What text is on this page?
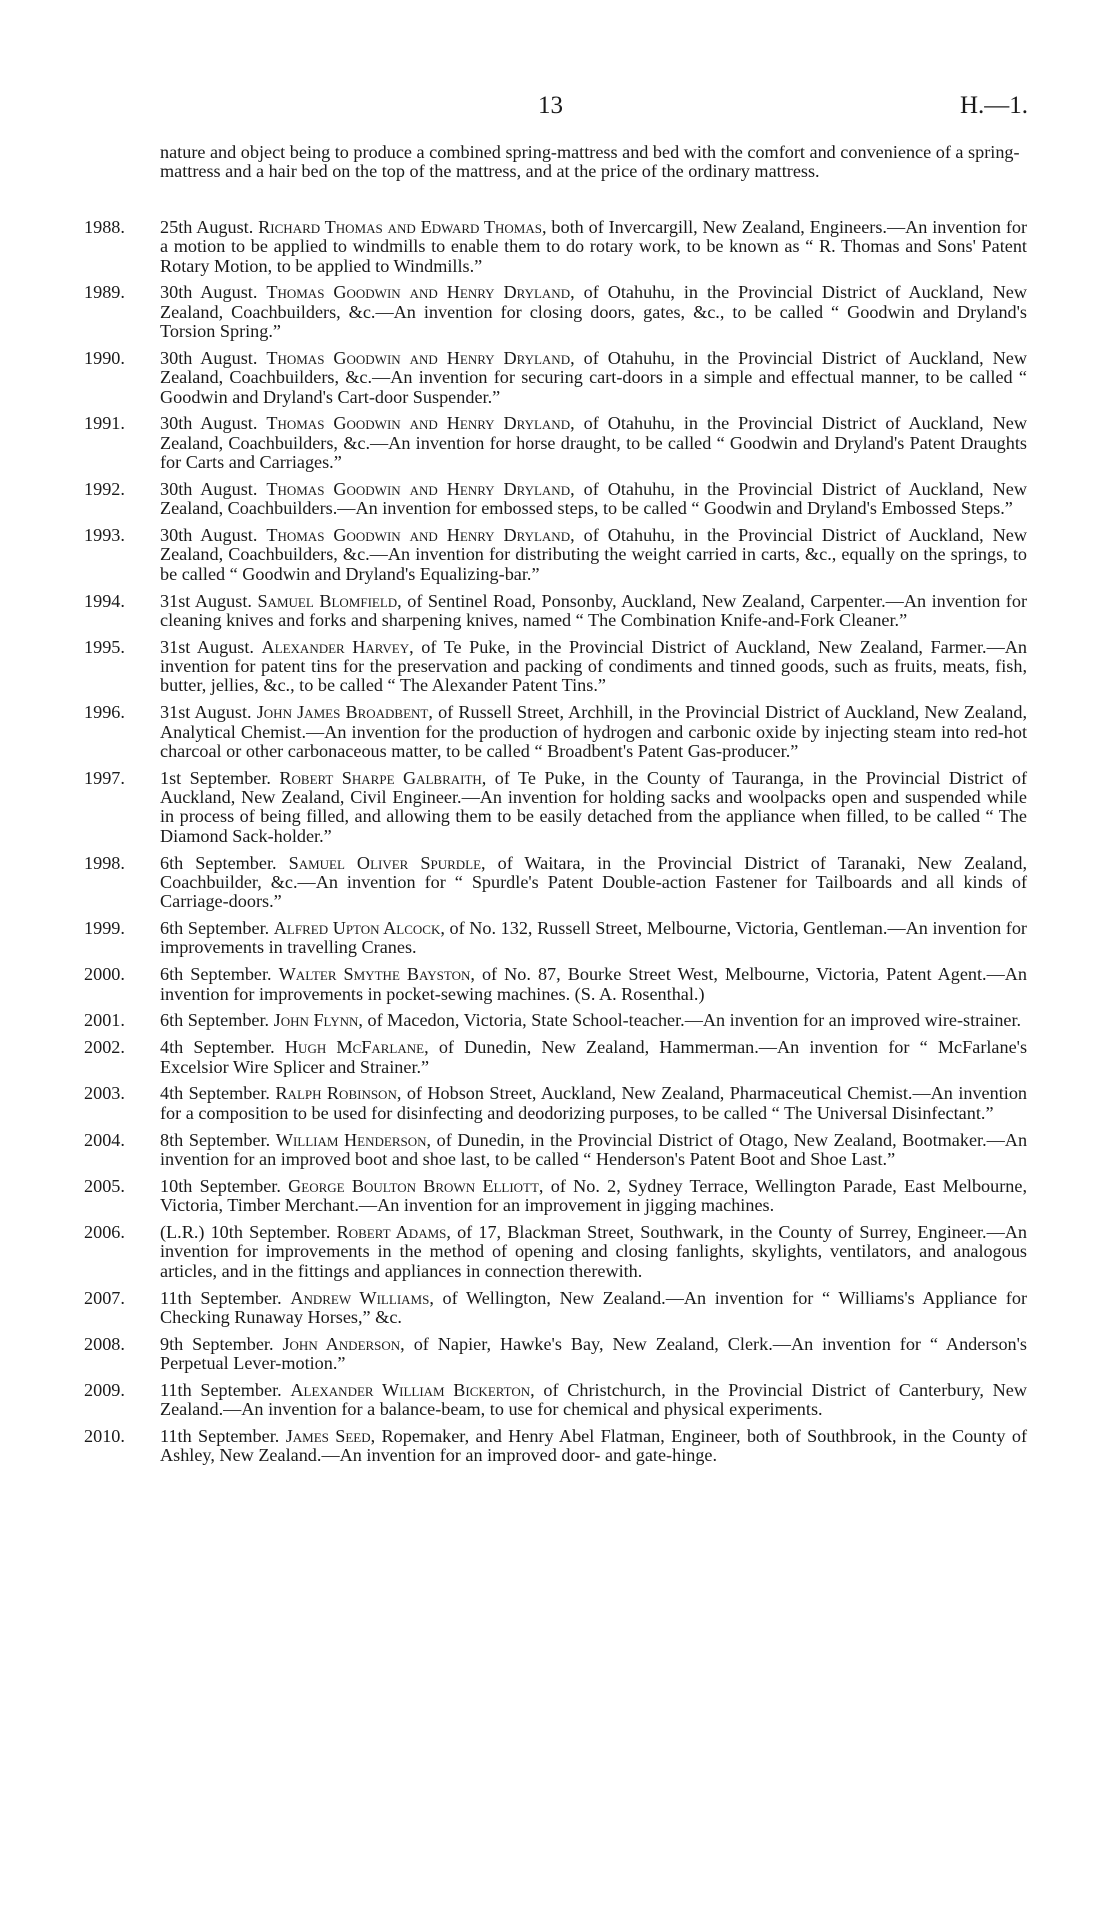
13	H.—1.
nature and object being to produce a combined spring-mattress and bed with the comfort and convenience of a spring-mattress and a hair bed on the top of the mattress, and at the price of the ordinary mattress.
1988.	25th August. Richard Thomas and Edward Thomas, both of Invercargill, New Zealand, Engineers.—An invention for a motion to be applied to windmills to enable them to do rotary work, to be known as “ R. Thomas and Sons' Patent Rotary Motion, to be applied to Windmills.”
1989.	30th August. Thomas Goodwin and Henry Dryland, of Otahuhu, in the Provincial District of Auckland, New Zealand, Coachbuilders, &c.—An invention for closing doors, gates, &c., to be called “ Goodwin and Dryland's Torsion Spring.”
1990.	30th August. Thomas Goodwin and Henry Dryland, of Otahuhu, in the Provincial District of Auckland, New Zealand, Coachbuilders, &c.—An invention for securing cart-doors in a simple and effectual manner, to be called “ Goodwin and Dryland's Cart-door Suspender.”
1991.	30th August. Thomas Goodwin and Henry Dryland, of Otahuhu, in the Provincial District of Auckland, New Zealand, Coachbuilders, &c.—An invention for horse draught, to be called “ Goodwin and Dryland's Patent Draughts for Carts and Carriages.”
1992.	30th August. Thomas Goodwin and Henry Dryland, of Otahuhu, in the Provincial District of Auckland, New Zealand, Coachbuilders.—An invention for embossed steps, to be called “ Goodwin and Dryland's Embossed Steps.”
1993.	30th August. Thomas Goodwin and Henry Dryland, of Otahuhu, in the Provincial District of Auckland, New Zealand, Coachbuilders, &c.—An invention for distributing the weight carried in carts, &c., equally on the springs, to be called “ Goodwin and Dryland's Equalizing-bar.”
1994.	31st August. Samuel Blomfield, of Sentinel Road, Ponsonby, Auckland, New Zealand, Carpenter.—An invention for cleaning knives and forks and sharpening knives, named “ The Combination Knife-and-Fork Cleaner.”
1995.	31st August. Alexander Harvey, of Te Puke, in the Provincial District of Auckland, New Zealand, Farmer.—An invention for patent tins for the preservation and packing of condiments and tinned goods, such as fruits, meats, fish, butter, jellies, &c., to be called “ The Alexander Patent Tins.”
1996.	31st August. John James Broadbent, of Russell Street, Archhill, in the Provincial District of Auckland, New Zealand, Analytical Chemist.—An invention for the production of hydrogen and carbonic oxide by injecting steam into red-hot charcoal or other carbonaceous matter, to be called “ Broadbent's Patent Gas-producer.”
1997.	1st September. Robert Sharpe Galbraith, of Te Puke, in the County of Tauranga, in the Provincial District of Auckland, New Zealand, Civil Engineer.—An invention for holding sacks and woolpacks open and suspended while in process of being filled, and allowing them to be easily detached from the appliance when filled, to be called “ The Diamond Sack-holder.”
1998.	6th September. Samuel Oliver Spurdle, of Waitara, in the Provincial District of Taranaki, New Zealand, Coachbuilder, &c.—An invention for “ Spurdle's Patent Double-action Fastener for Tailboards and all kinds of Carriage-doors.”
1999.	6th September. Alfred Upton Alcock, of No. 132, Russell Street, Melbourne, Victoria, Gentleman.—An invention for improvements in travelling Cranes.
2000.	6th September. Walter Smythe Bayston, of No. 87, Bourke Street West, Melbourne, Victoria, Patent Agent.—An invention for improvements in pocket-sewing machines. (S. A. Rosenthal.)
2001.	6th September. John Flynn, of Macedon, Victoria, State School-teacher.—An invention for an improved wire-strainer.
2002.	4th September. Hugh McFarlane, of Dunedin, New Zealand, Hammerman.—An invention for “ McFarlane's Excelsior Wire Splicer and Strainer.”
2003.	4th September. Ralph Robinson, of Hobson Street, Auckland, New Zealand, Pharmaceutical Chemist.—An invention for a composition to be used for disinfecting and deodorizing purposes, to be called “ The Universal Disinfectant.”
2004.	8th September. William Henderson, of Dunedin, in the Provincial District of Otago, New Zealand, Bootmaker.—An invention for an improved boot and shoe last, to be called “ Henderson's Patent Boot and Shoe Last.”
2005.	10th September. George Boulton Brown Elliott, of No. 2, Sydney Terrace, Wellington Parade, East Melbourne, Victoria, Timber Merchant.—An invention for an improvement in jigging machines.
2006.	(L.R.) 10th September. Robert Adams, of 17, Blackman Street, Southwark, in the County of Surrey, Engineer.—An invention for improvements in the method of opening and closing fanlights, skylights, ventilators, and analogous articles, and in the fittings and appliances in connection therewith.
2007.	11th September. Andrew Williams, of Wellington, New Zealand.—An invention for “ Williams's Appliance for Checking Runaway Horses,” &c.
2008.	9th September. John Anderson, of Napier, Hawke's Bay, New Zealand, Clerk.—An invention for “ Anderson's Perpetual Lever-motion.”
2009.	11th September. Alexander William Bickerton, of Christchurch, in the Provincial District of Canterbury, New Zealand.—An invention for a balance-beam, to use for chemical and physical experiments.
2010.	11th September. James Seed, Ropemaker, and Henry Abel Flatman, Engineer, both of Southbrook, in the County of Ashley, New Zealand.—An invention for an improved door- and gate-hinge.
